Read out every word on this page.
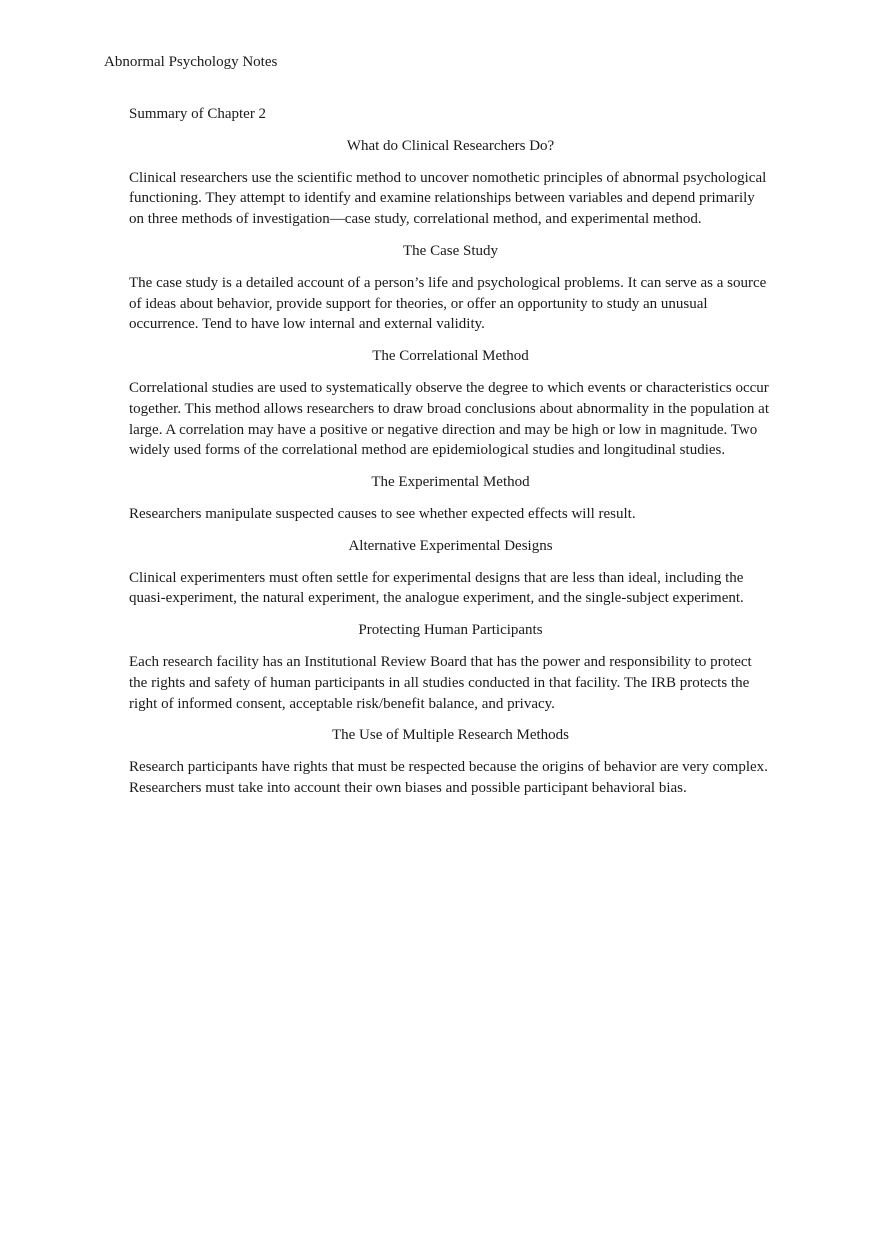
Abnormal Psychology Notes

Summary of Chapter 2

What do Clinical Researchers Do?

Clinical researchers use the scientific method to uncover nomothetic principles of abnormal psychological functioning. They attempt to identify and examine relationships between variables and depend primarily on three methods of investigation—case study, correlational method, and experimental method.

The Case Study

The case study is a detailed account of a person’s life and psychological problems. It can serve as a source of ideas about behavior, provide support for theories, or offer an opportunity to study an unusual occurrence. Tend to have low internal and external validity.

The Correlational Method

Correlational studies are used to systematically observe the degree to which events or characteristics occur together. This method allows researchers to draw broad conclusions about abnormality in the population at large. A correlation may have a positive or negative direction and may be high or low in magnitude. Two widely used forms of the correlational method are epidemiological studies and longitudinal studies.

The Experimental Method

Researchers manipulate suspected causes to see whether expected effects will result.

Alternative Experimental Designs

Clinical experimenters must often settle for experimental designs that are less than ideal, including the quasi-experiment, the natural experiment, the analogue experiment, and the single-subject experiment.

Protecting Human Participants

Each research facility has an Institutional Review Board that has the power and responsibility to protect the rights and safety of human participants in all studies conducted in that facility. The IRB protects the right of informed consent, acceptable risk/benefit balance, and privacy.

The Use of Multiple Research Methods

Research participants have rights that must be respected because the origins of behavior are very complex. Researchers must take into account their own biases and possible participant behavioral bias.
